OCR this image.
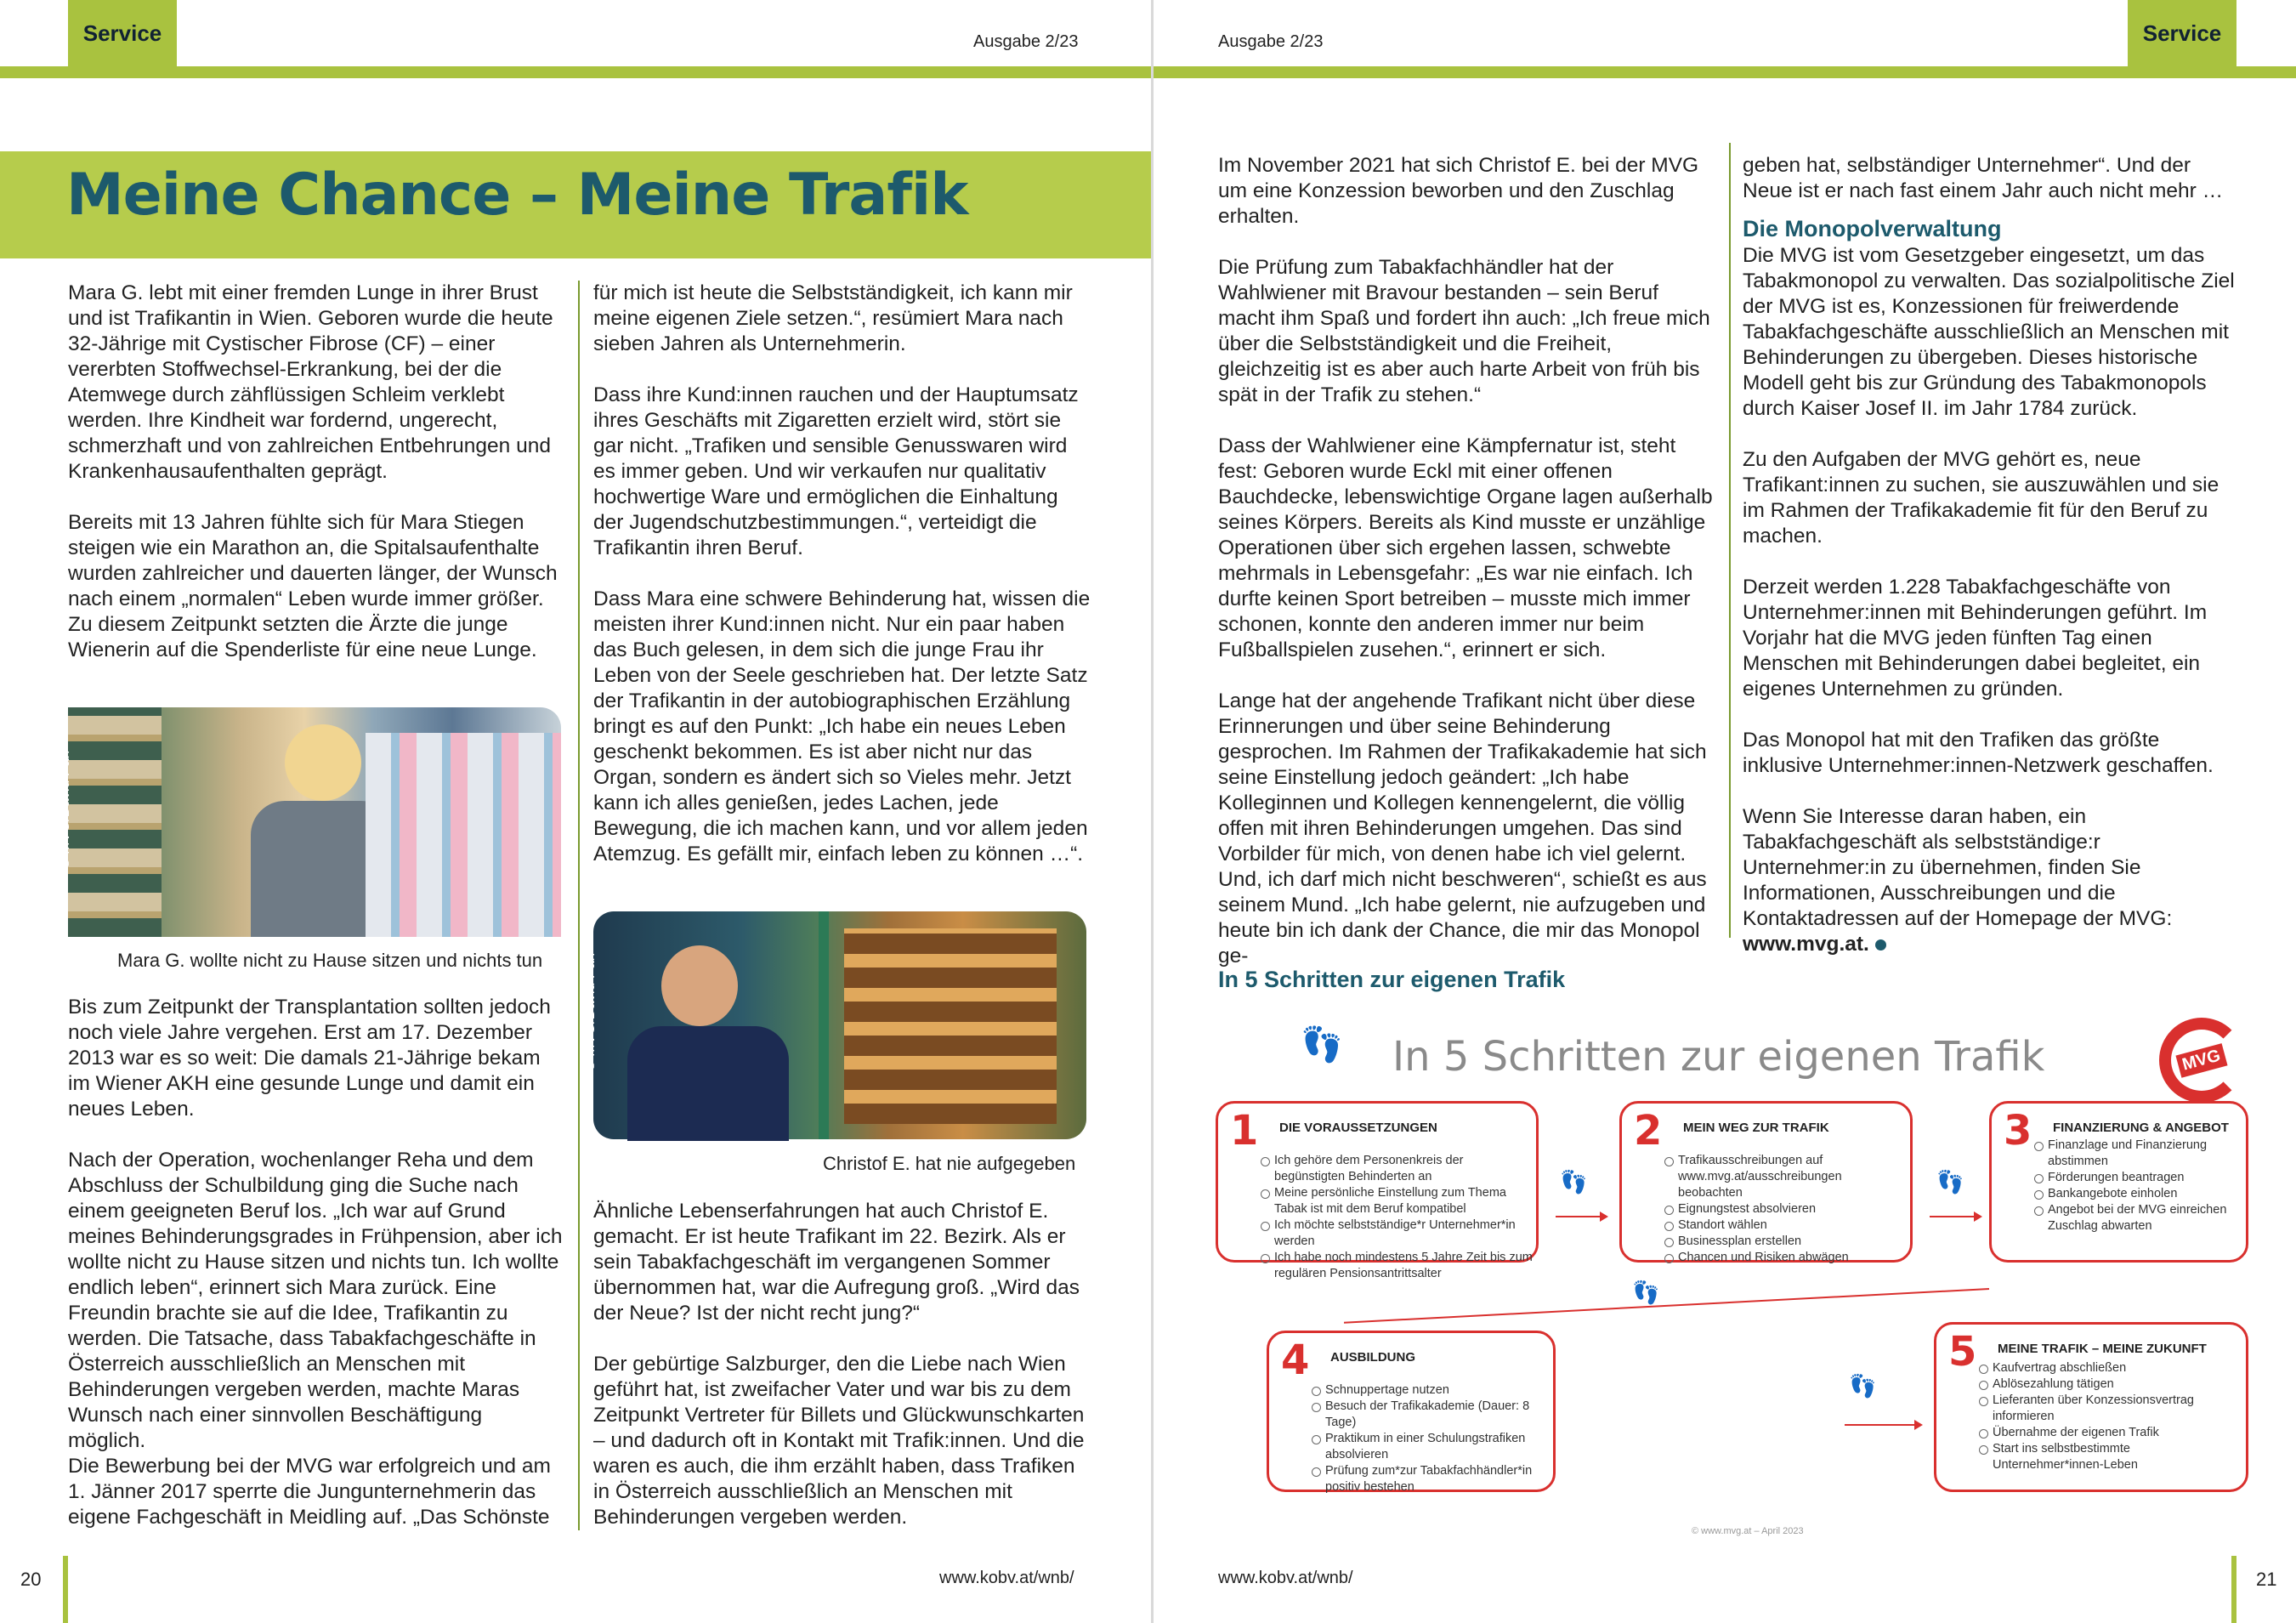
Service	Ausgabe 2/23
Meine Chance – Meine Trafik

Mara G. lebt mit einer fremden Lunge in ihrer Brust und ist Trafikantin in Wien. Geboren wurde die heute 32-Jährige mit Cystischer Fibrose (CF) – einer vererbten Stoffwechsel-Erkrankung, bei der die Atemwege durch zähflüssigen Schleim verklebt werden. Ihre Kindheit war fordernd, ungerecht, schmerzhaft und von zahlreichen Entbehrungen und Krankenhausaufenthalten geprägt.

Bereits mit 13 Jahren fühlte sich für Mara Stiegen steigen wie ein Marathon an, die Spitalsaufenthalte wurden zahlreicher und dauerten länger, der Wunsch nach einem „normalen“ Leben wurde immer größer. Zu diesem Zeitpunkt setzten die Ärzte die junge Wienerin auf die Spenderliste für eine neue Lunge.

© MVG/David Pan
Mara G. wollte nicht zu Hause sitzen und nichts tun

Bis zum Zeitpunkt der Transplantation sollten jedoch noch viele Jahre vergehen. Erst am 17. Dezember 2013 war es so weit: Die damals 21-Jährige bekam im Wiener AKH eine gesunde Lunge und damit ein neues Leben.

Nach der Operation, wochenlanger Reha und dem Abschluss der Schulbildung ging die Suche nach einem geeigneten Beruf los. „Ich war auf Grund meines Behinderungsgrades in Frühpension, aber ich wollte nicht zu Hause sitzen und nichts tun. Ich wollte endlich leben“, erinnert sich Mara zurück. Eine Freundin brachte sie auf die Idee, Trafikantin zu werden. Die Tatsache, dass Tabakfachgeschäfte in Österreich ausschließlich an Menschen mit Behinderungen vergeben werden, machte Maras Wunsch nach einer sinnvollen Beschäftigung möglich.

Die Bewerbung bei der MVG war erfolgreich und am 1. Jänner 2017 sperrte die Jungunternehmerin das eigene Fachgeschäft in Meidling auf. „Das Schönste

für mich ist heute die Selbstständigkeit, ich kann mir meine eigenen Ziele setzen.“, resümiert Mara nach sieben Jahren als Unternehmerin.

Dass ihre Kund:innen rauchen und der Hauptumsatz ihres Geschäfts mit Zigaretten erzielt wird, stört sie gar nicht. „Trafiken und sensible Genusswaren wird es immer geben. Und wir verkaufen nur qualitativ hochwertige Ware und ermöglichen die Einhaltung der Jugendschutzbestimmungen.“, verteidigt die Trafikantin ihren Beruf.

Dass Mara eine schwere Behinderung hat, wissen die meisten ihrer Kund:innen nicht. Nur ein paar haben das Buch gelesen, in dem sich die junge Frau ihr Leben von der Seele geschrieben hat. Der letzte Satz der Trafikantin in der autobiographischen Erzählung bringt es auf den Punkt: „Ich habe ein neues Leben geschenkt bekommen. Es ist aber nicht nur das Organ, sondern es ändert sich so Vieles mehr. Jetzt kann ich alles genießen, jedes Lachen, jede Bewegung, die ich machen kann, und vor allem jeden Atemzug. Es gefällt mir, einfach leben zu können …“.

© MVG/David Pan
Christof E. hat nie aufgegeben

Ähnliche Lebenserfahrungen hat auch Christof E. gemacht. Er ist heute Trafikant im 22. Bezirk. Als er sein Tabakfachgeschäft im vergangenen Sommer übernommen hat, war die Aufregung groß. „Wird das der Neue? Ist der nicht recht jung?“

Der gebürtige Salzburger, den die Liebe nach Wien geführt hat, ist zweifacher Vater und war bis zu dem Zeitpunkt Vertreter für Billets und Glückwunschkarten – und dadurch oft in Kontakt mit Trafik:innen. Und die waren es auch, die ihm erzählt haben, dass Trafiken in Österreich ausschließlich an Menschen mit Behinderungen vergeben werden.

20	www.kobv.at/wnb/
Service
Ausgabe 2/23

Im November 2021 hat sich Christof E. bei der MVG um eine Konzession beworben und den Zuschlag erhalten.

Die Prüfung zum Tabakfachhändler hat der Wahlwiener mit Bravour bestanden – sein Beruf macht ihm Spaß und fordert ihn auch: „Ich freue mich über die Selbstständigkeit und die Freiheit, gleichzeitig ist es aber auch harte Arbeit von früh bis spät in der Trafik zu stehen.“

Dass der Wahlwiener eine Kämpfernatur ist, steht fest: Geboren wurde Eckl mit einer offenen Bauchdecke, lebenswichtige Organe lagen außerhalb seines Körpers. Bereits als Kind musste er unzählige Operationen über sich ergehen lassen, schwebte mehrmals in Lebensgefahr: „Es war nie einfach. Ich durfte keinen Sport betreiben – musste mich immer schonen, konnte den anderen immer nur beim Fußballspielen zusehen.“, erinnert er sich.

Lange hat der angehende Trafikant nicht über diese Erinnerungen und über seine Behinderung gesprochen. Im Rahmen der Trafikakademie hat sich seine Einstellung jedoch geändert: „Ich habe Kolleginnen und Kollegen kennengelernt, die völlig offen mit ihren Behinderungen umgehen. Das sind Vorbilder für mich, von denen habe ich viel gelernt. Und, ich darf mich nicht beschweren“, schießt es aus seinem Mund. „Ich habe gelernt, nie aufzugeben und heute bin ich dank der Chance, die mir das Monopol ge-

geben hat, selbständiger Unternehmer“. Und der Neue ist er nach fast einem Jahr auch nicht mehr …

Die Monopolverwaltung

Die MVG ist vom Gesetzgeber eingesetzt, um das Tabakmonopol zu verwalten. Das sozialpolitische Ziel der MVG ist es, Konzessionen für freiwerdende Tabakfachgeschäfte ausschließlich an Menschen mit Behinderungen zu übergeben. Dieses historische Modell geht bis zur Gründung des Tabakmonopols durch Kaiser Josef II. im Jahr 1784 zurück.

Zu den Aufgaben der MVG gehört es, neue Trafikant:innen zu suchen, sie auszuwählen und sie im Rahmen der Trafikakademie fit für den Beruf zu machen.

Derzeit werden 1.228 Tabakfachgeschäfte von Unternehmer:innen mit Behinderungen geführt. Im Vorjahr hat die MVG jeden fünften Tag einen Menschen mit Behinderungen dabei begleitet, ein eigenes Unternehmen zu gründen.

Das Monopol hat mit den Trafiken das größte inklusive Unternehmer:innen-Netzwerk geschaffen.

Wenn Sie Interesse daran haben, ein Tabakfachgeschäft als selbstständige:r Unternehmer:in zu übernehmen, finden Sie Informationen, Ausschreibungen und die Kontaktadressen auf der Homepage der MVG: www.mvg.at.

21
www.kobv.at/wnb/
In 5 Schritten zur eigenen Trafik
👣 In 5 Schritten zur eigenen Trafik	MVG
1 DIE VORAUSSETZUNGEN
Ich gehöre dem Personenkreis der begünstigten Behinderten an
Meine persönliche Einstellung zum Thema Tabak ist mit dem Beruf kompatibel
Ich möchte selbstständige*r Unternehmer*in werden
Ich habe noch mindestens 5 Jahre Zeit bis zum regulären Pensionsantrittsalter
👣
2 MEIN WEG ZUR TRAFIK
Trafikausschreibungen auf www.mvg.at/ausschreibungen beobachten
Eignungstest absolvieren
Standort wählen
Businessplan erstellen
Chancen und Risiken abwägen
👣
3 FINANZIERUNG & ANGEBOT
Finanzlage und Finanzierung abstimmen
Förderungen beantragen
Bankangebote einholen
Angebot bei der MVG einreichen Zuschlag abwarten
👣
4 AUSBILDUNG
Schnuppertage nutzen
Besuch der Trafikakademie (Dauer: 8 Tage)
Praktikum in einer Schulungstrafiken absolvieren
Prüfung zum*zur Tabakfachhändler*in positiv bestehen
👣
5 MEINE TRAFIK – MEINE ZUKUNFT
Kaufvertrag abschließen
Ablösezahlung tätigen
Lieferanten über Konzessionsvertrag informieren
Übernahme der eigenen Trafik
Start ins selbstbestimmte Unternehmer*innen-Leben
© www.mvg.at – April 2023
